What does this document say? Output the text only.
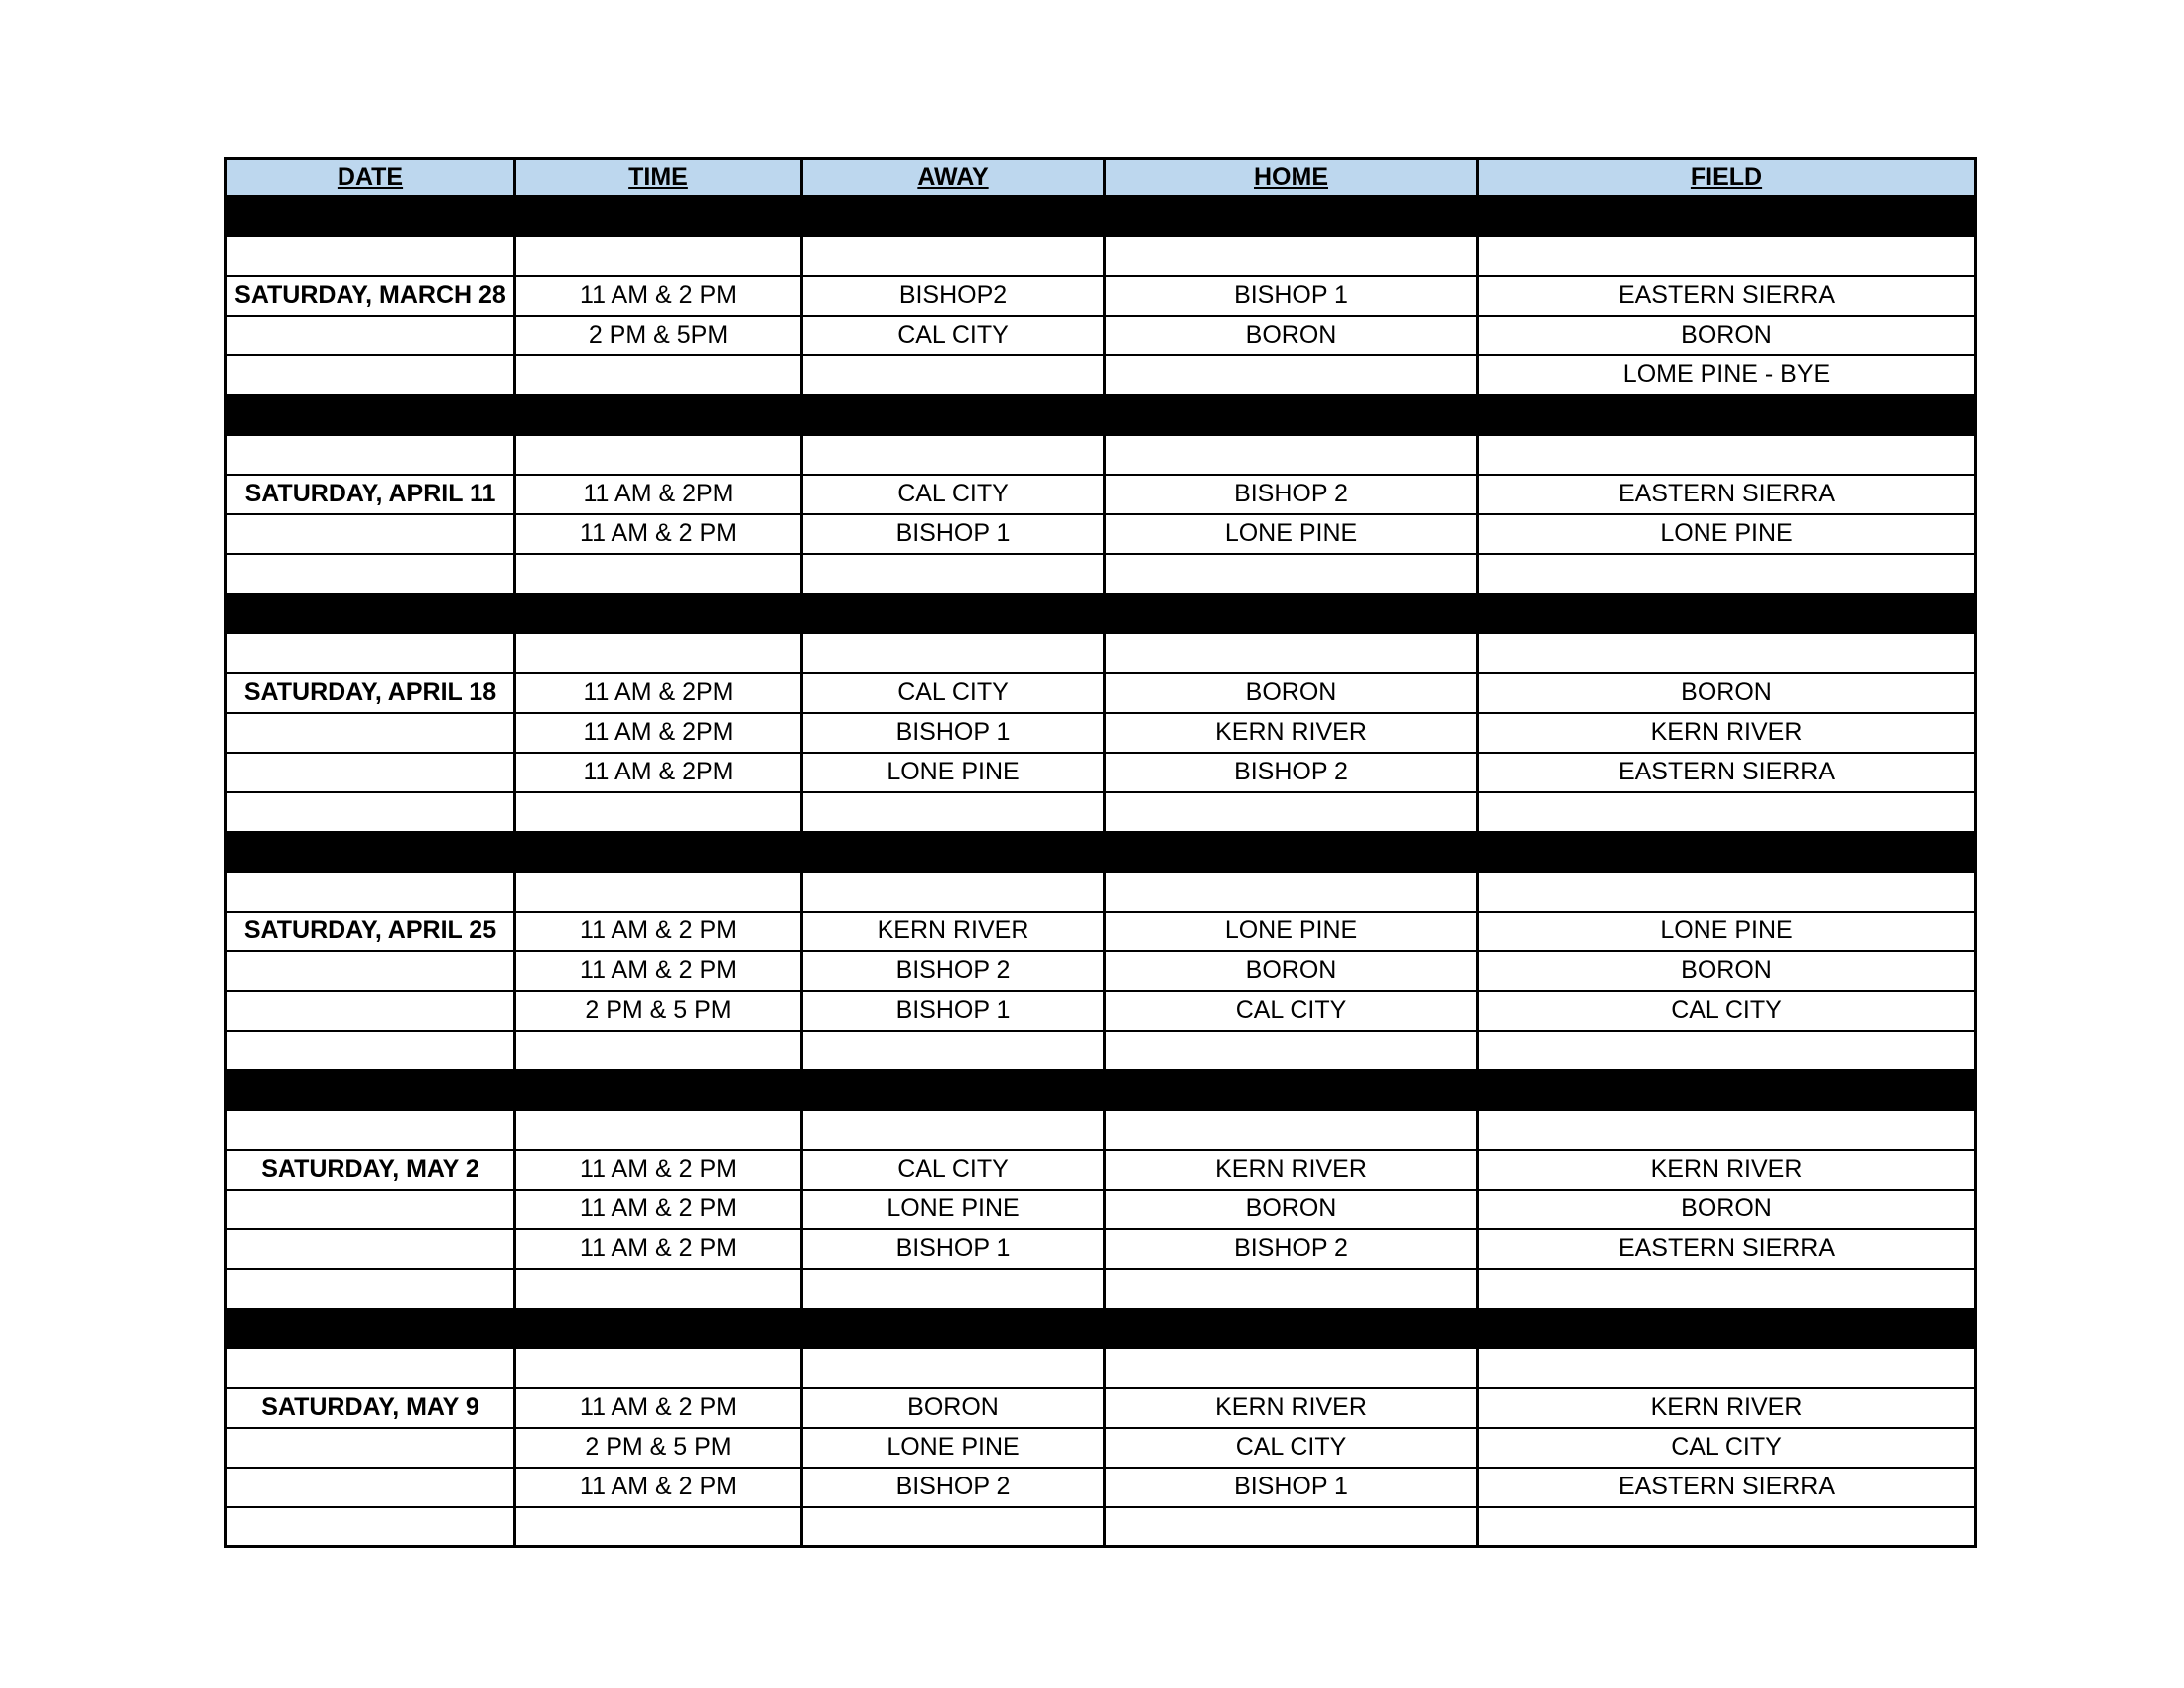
DATE	TIME	AWAY	HOME	FIELD

SATURDAY, MARCH 28	11 AM & 2 PM	BISHOP2	BISHOP 1	EASTERN SIERRA
	2 PM & 5PM	CAL CITY	BORON	BORON
				LOME PINE - BYE

SATURDAY, APRIL 11	11 AM & 2PM	CAL CITY	BISHOP 2	EASTERN SIERRA
	11 AM & 2 PM	BISHOP 1	LONE PINE	LONE PINE

SATURDAY, APRIL 18	11 AM & 2PM	CAL CITY	BORON	BORON
	11 AM & 2PM	BISHOP 1	KERN RIVER	KERN RIVER
	11 AM & 2PM	LONE PINE	BISHOP 2	EASTERN SIERRA

SATURDAY, APRIL 25	11 AM & 2 PM	KERN RIVER	LONE PINE	LONE PINE
	11 AM & 2 PM	BISHOP 2	BORON	BORON
	2 PM & 5 PM	BISHOP 1	CAL CITY	CAL CITY

SATURDAY, MAY 2	11 AM & 2 PM	CAL CITY	KERN RIVER	KERN RIVER
	11 AM & 2 PM	LONE PINE	BORON	BORON
	11 AM & 2 PM	BISHOP 1	BISHOP 2	EASTERN SIERRA

SATURDAY, MAY 9	11 AM & 2 PM	BORON	KERN RIVER	KERN RIVER
	2 PM & 5 PM	LONE PINE	CAL CITY	CAL CITY
	11 AM & 2 PM	BISHOP 2	BISHOP 1	EASTERN SIERRA
